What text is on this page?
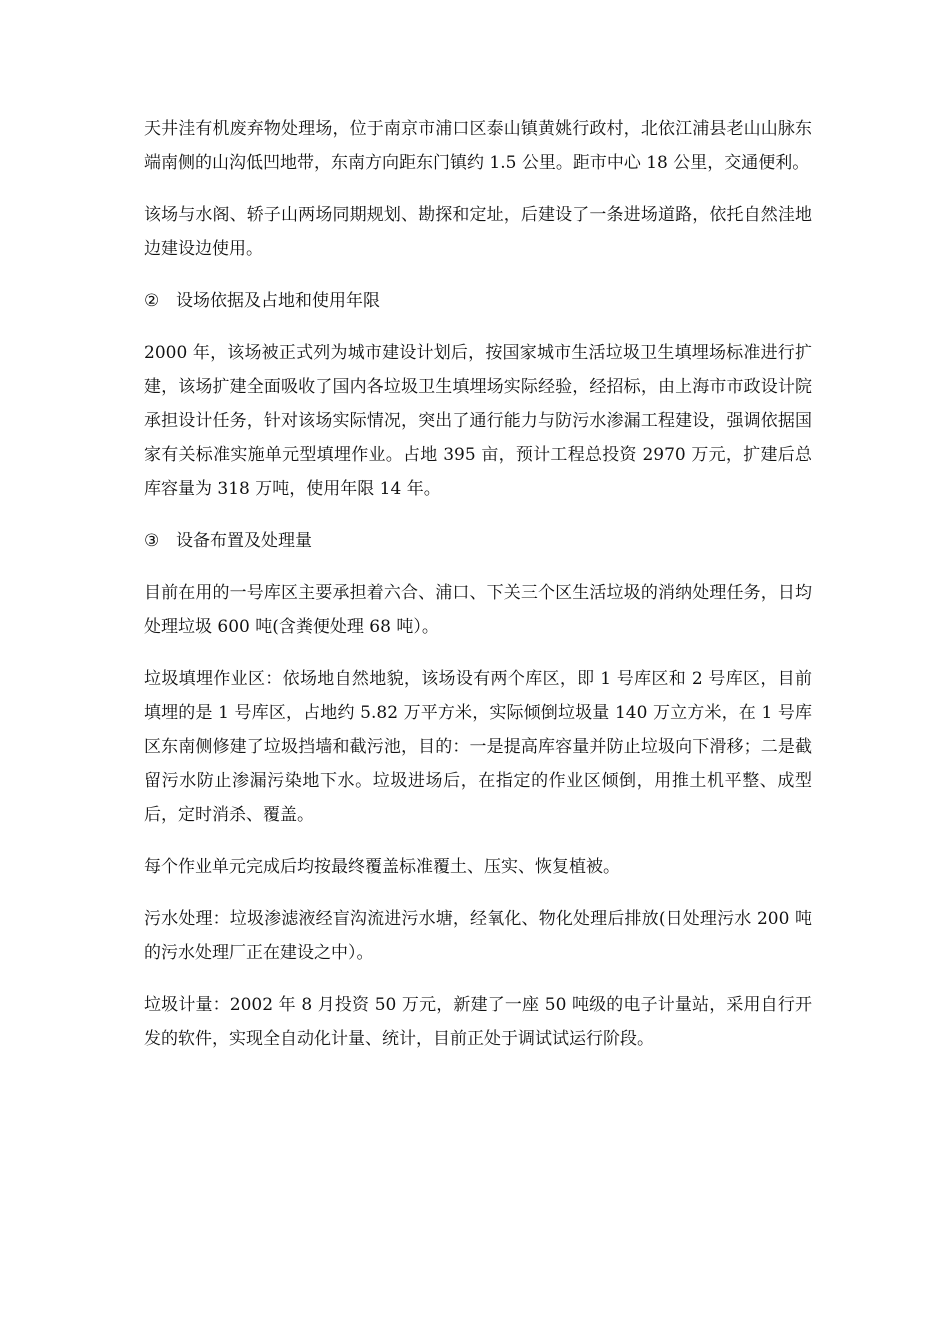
天井洼有机废弃物处理场，位于南京市浦口区泰山镇黄姚行政村，北依江浦县老山山脉东端南侧的山沟低凹地带，东南方向距东门镇约 1.5 公里。距市中心 18 公里，交通便利。

该场与水阁、轿子山两场同期规划、勘探和定址，后建设了一条进场道路，依托自然洼地边建设边使用。

② 设场依据及占地和使用年限

2000 年，该场被正式列为城市建设计划后，按国家城市生活垃圾卫生填埋场标准进行扩建，该场扩建全面吸收了国内各垃圾卫生填埋场实际经验，经招标，由上海市市政设计院承担设计任务，针对该场实际情况，突出了通行能力与防污水渗漏工程建设，强调依据国家有关标准实施单元型填埋作业。占地 395 亩，预计工程总投资 2970 万元，扩建后总库容量为 318 万吨，使用年限 14 年。

③ 设备布置及处理量

目前在用的一号库区主要承担着六合、浦口、下关三个区生活垃圾的消纳处理任务，日均处理垃圾 600 吨(含粪便处理 68 吨）。

垃圾填埋作业区：依场地自然地貌，该场设有两个库区，即 1 号库区和 2 号库区，目前填埋的是 1 号库区，占地约 5.82 万平方米，实际倾倒垃圾量 140 万立方米，在 1 号库区东南侧修建了垃圾挡墙和截污池，目的：一是提高库容量并防止垃圾向下滑移；二是截留污水防止渗漏污染地下水。垃圾进场后，在指定的作业区倾倒，用推土机平整、成型后，定时消杀、覆盖。

每个作业单元完成后均按最终覆盖标准覆土、压实、恢复植被。

污水处理：垃圾渗滤液经盲沟流进污水塘，经氧化、物化处理后排放(日处理污水 200 吨的污水处理厂正在建设之中）。

垃圾计量：2002 年 8 月投资 50 万元，新建了一座 50 吨级的电子计量站，采用自行开发的软件，实现全自动化计量、统计，目前正处于调试试运行阶段。
